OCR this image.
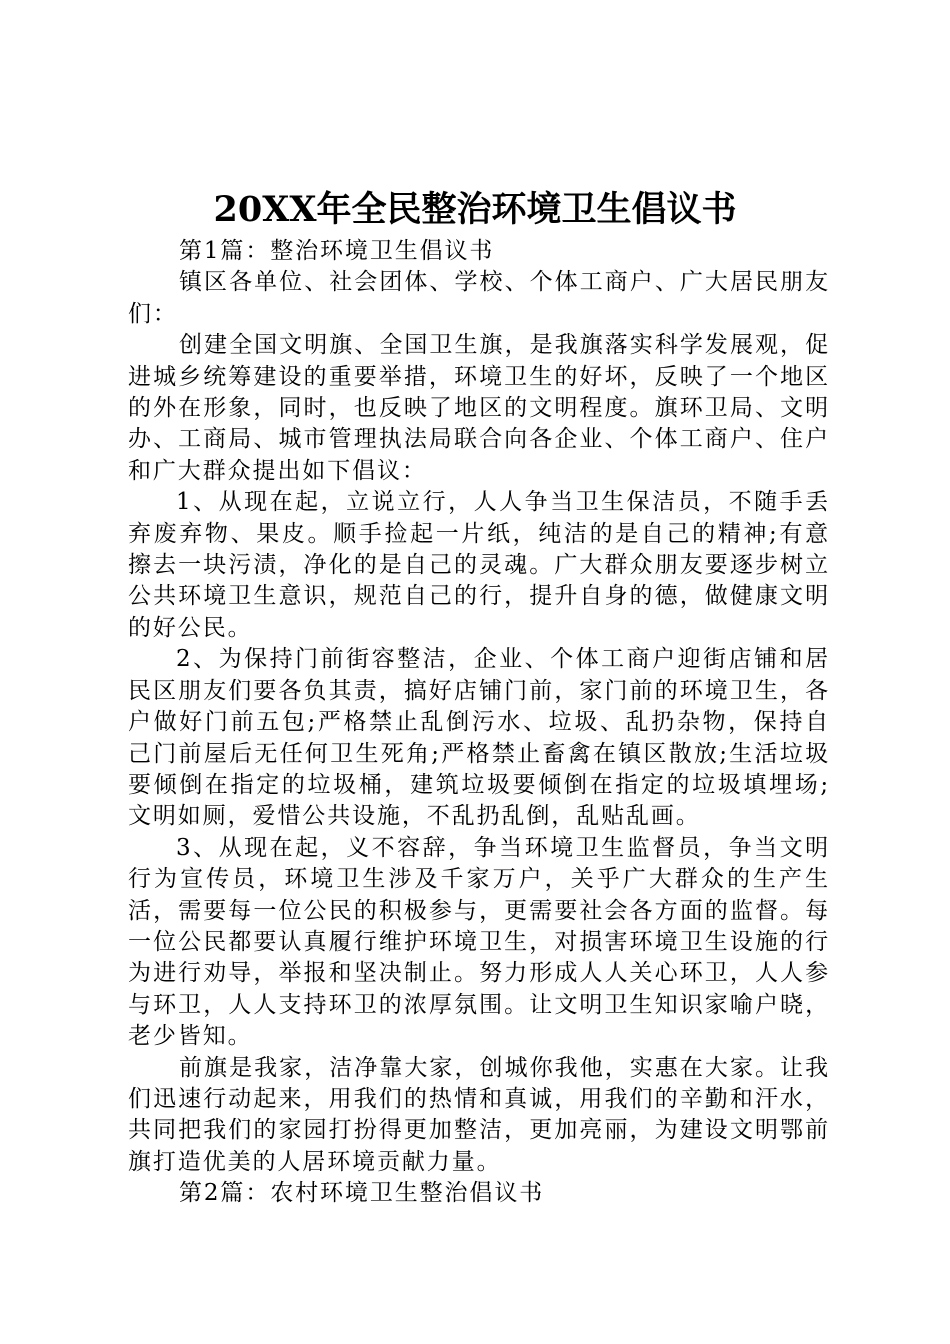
20XX年全民整治环境卫生倡议书

第1篇：整治环境卫生倡议书

镇区各单位、社会团体、学校、个体工商户、广大居民朋友们：

创建全国文明旗、全国卫生旗，是我旗落实科学发展观，促进城乡统筹建设的重要举措，环境卫生的好坏，反映了一个地区的外在形象，同时，也反映了地区的文明程度。旗环卫局、文明办、工商局、城市管理执法局联合向各企业、个体工商户、住户和广大群众提出如下倡议：

1、从现在起，立说立行，人人争当卫生保洁员，不随手丢弃废弃物、果皮。顺手捡起一片纸，纯洁的是自己的精神;有意擦去一块污渍，净化的是自己的灵魂。广大群众朋友要逐步树立公共环境卫生意识，规范自己的行，提升自身的德，做健康文明的好公民。

2、为保持门前街容整洁，企业、个体工商户迎街店铺和居民区朋友们要各负其责，搞好店铺门前，家门前的环境卫生，各户做好门前五包;严格禁止乱倒污水、垃圾、乱扔杂物，保持自己门前屋后无任何卫生死角;严格禁止畜禽在镇区散放;生活垃圾要倾倒在指定的垃圾桶，建筑垃圾要倾倒在指定的垃圾填埋场;文明如厕，爱惜公共设施，不乱扔乱倒，乱贴乱画。

3、从现在起，义不容辞，争当环境卫生监督员，争当文明行为宣传员，环境卫生涉及千家万户，关乎广大群众的生产生活，需要每一位公民的积极参与，更需要社会各方面的监督。每一位公民都要认真履行维护环境卫生，对损害环境卫生设施的行为进行劝导，举报和坚决制止。努力形成人人关心环卫，人人参与环卫，人人支持环卫的浓厚氛围。让文明卫生知识家喻户晓，老少皆知。

前旗是我家，洁净靠大家，创城你我他，实惠在大家。让我们迅速行动起来，用我们的热情和真诚，用我们的辛勤和汗水，共同把我们的家园打扮得更加整洁，更加亮丽，为建设文明鄂前旗打造优美的人居环境贡献力量。

第2篇：农村环境卫生整治倡议书
